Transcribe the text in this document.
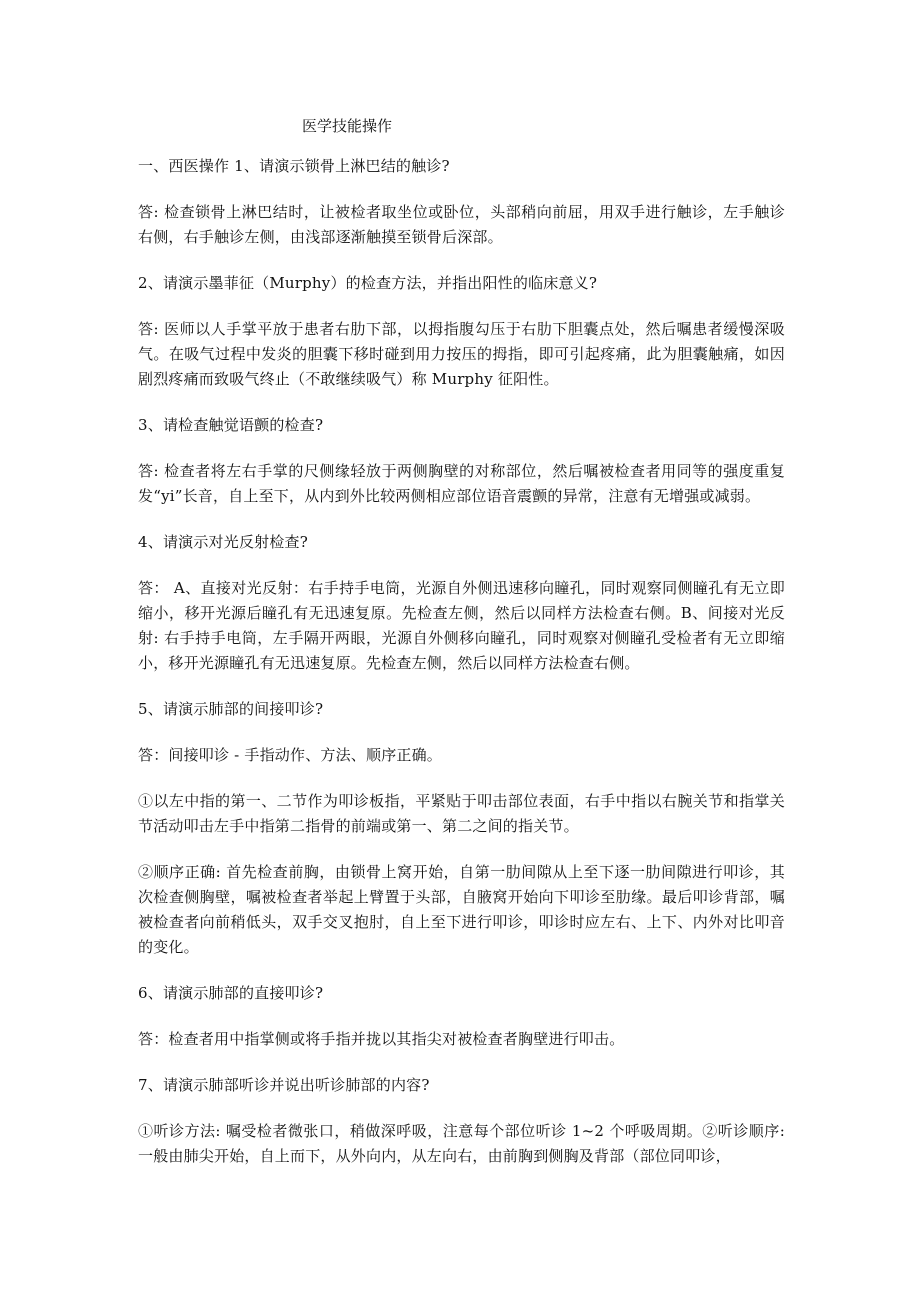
医学技能操作

一、西医操作 1、请演示锁骨上淋巴结的触诊?

答: 检查锁骨上淋巴结时，让被检者取坐位或卧位，头部稍向前屈，用双手进行触诊，左手触诊右侧，右手触诊左侧，由浅部逐渐触摸至锁骨后深部。

2、请演示墨菲征（Murphy）的检查方法，并指出阳性的临床意义?

答: 医师以人手掌平放于患者右肋下部，以拇指腹勾压于右肋下胆囊点处，然后嘱患者缓慢深吸气。在吸气过程中发炎的胆囊下移时碰到用力按压的拇指，即可引起疼痛，此为胆囊触痛，如因剧烈疼痛而致吸气终止（不敢继续吸气）称 Murphy 征阳性。

3、请检查触觉语颤的检查?

答: 检查者将左右手掌的尺侧缘轻放于两侧胸壁的对称部位，然后嘱被检查者用同等的强度重复发“yi”长音，自上至下，从内到外比较两侧相应部位语音震颤的异常，注意有无增强或减弱。

4、请演示对光反射检查?

答： A、直接对光反射：右手持手电筒，光源自外侧迅速移向瞳孔，同时观察同侧瞳孔有无立即缩小，移开光源后瞳孔有无迅速复原。先检查左侧，然后以同样方法检查右侧。B、间接对光反射: 右手持手电筒，左手隔开两眼，光源自外侧移向瞳孔，同时观察对侧瞳孔受检者有无立即缩小，移开光源瞳孔有无迅速复原。先检查左侧，然后以同样方法检查右侧。

5、请演示肺部的间接叩诊?

答：间接叩诊 - 手指动作、方法、顺序正确。

①以左中指的第一、二节作为叩诊板指，平紧贴于叩击部位表面，右手中指以右腕关节和指掌关节活动叩击左手中指第二指骨的前端或第一、第二之间的指关节。

②顺序正确: 首先检查前胸，由锁骨上窝开始，自第一肋间隙从上至下逐一肋间隙进行叩诊，其次检查侧胸壁，嘱被检查者举起上臂置于头部，自腋窝开始向下叩诊至肋缘。最后叩诊背部，嘱被检查者向前稍低头，双手交叉抱肘，自上至下进行叩诊，叩诊时应左右、上下、内外对比叩音的变化。

6、请演示肺部的直接叩诊?

答：检查者用中指掌侧或将手指并拢以其指尖对被检查者胸壁进行叩击。

7、请演示肺部听诊并说出听诊肺部的内容?

①听诊方法: 嘱受检者微张口，稍做深呼吸，注意每个部位听诊 1~2 个呼吸周期。②听诊顺序: 一般由肺尖开始，自上而下，从外向内，从左向右，由前胸到侧胸及背部（部位同叩诊，
